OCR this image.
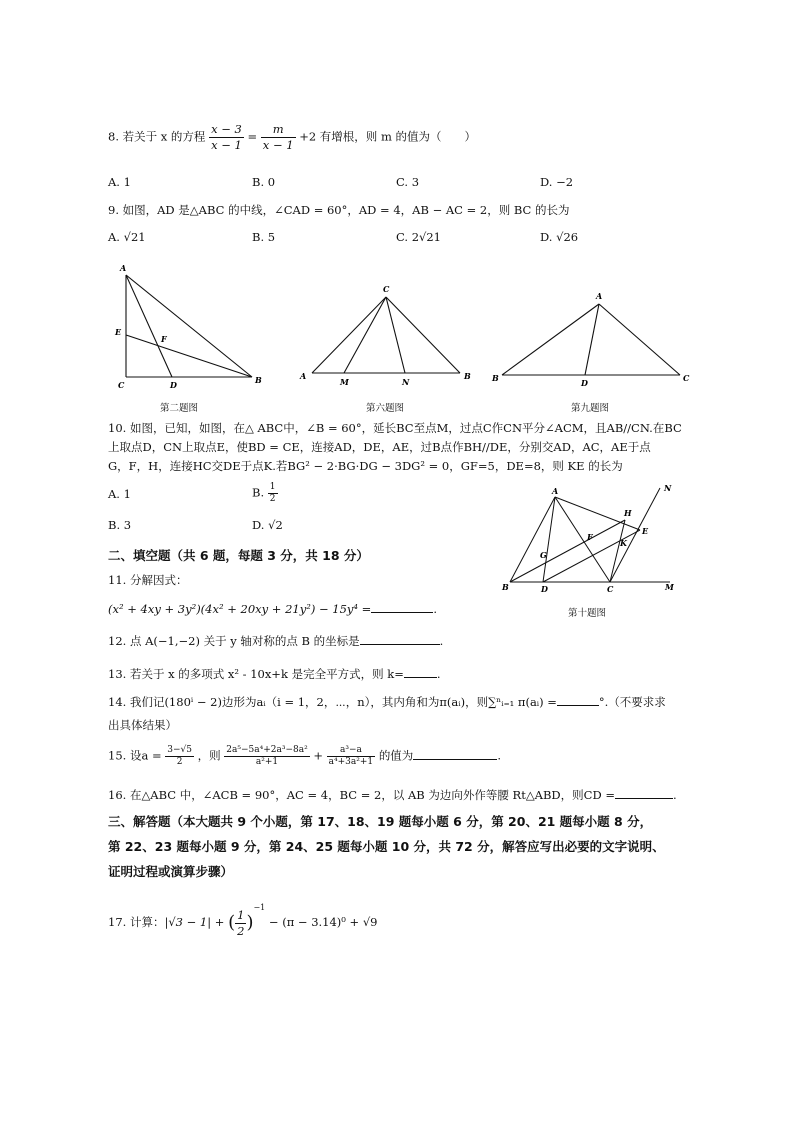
8. 若关于 x 的方程 $\frac{x - 3}{x - 1} = \frac{m}{x - 1} +2$ 有增根，则 m 的值为（　　）
A. 1	B. 0	C. 3	D. −2
9. 如图，AD 是△ABC 的中线，∠CAD = 60°，AD = 4，AB − AC = 2，则 BC 的长为
A. √21	B. 5	C. 2√21	D. √26
A
E
F
C	D	B
C
A
M	N
B
A
B	D	C
第二题图	第六题图	第九题图
10. 如图，已知，如图，在△ ABC中，∠B = 60°，延长BC至点M，过点C作CN平分∠ACM，且AB//CN.在BC
上取点D，CN上取点E，使BD = CE，连接AD，DE，AE，过B点作BH//DE，分别交AD，AC，AE于点
G，F，H，连接HC交DE于点K.若BG² − 2·BG·DG − 3DG² = 0，GF=5，DE=8，则 KE 的长为
A. 1	B. $\frac{1}{2}$
B. 3	D. √2
A	N
H
E
F
K
G
B	D	C	M
第十题图
二、填空题（共 6 题，每题 3 分，共 18 分）
11. 分解因式：
(x² + 4xy + 3y²)(4x² + 20xy + 21y²) − 15y⁴ =	.
12. 点 A(−1,−2) 关于 y 轴对称的点 B 的坐标是	.
13. 若关于 x 的多项式 x² - 10x+k 是完全平方式，则 k=	.
14. 我们记(180ⁱ − 2)边形为aᵢ（i = 1，2，⋯，n），其内角和为π(aᵢ)，则∑ⁿᵢ₌₁ π(aᵢ) =	°.（不要求求
出具体结果）
15. 设$a = \frac{3-√5}{2}$ ，则 $\frac{\text{2a⁵−5a⁴+2a³−8a²}}{\text{a²+1}} + \frac{\text{a³−a}}{\text{a⁴+3a²+1}}$ 的值为	.
16. 在△ABC 中，∠ACB = 90°，AC = 4，BC = 2，以 AB 为边向外作等腰 Rt△ABD，则CD =	.
三、解答题（本大题共 9 个小题，第 17、18、19 题每小题 6 分，第 20、21 题每小题 8 分，
第 22、23 题每小题 9 分，第 24、25 题每小题 10 分，共 72 分，解答应写出必要的文字说明、
证明过程或演算步骤）
17. 计算：|√3 − 1| + ( $\frac{1}{2} )^{-1} - (\pi - 3.14)^0 + √9$
